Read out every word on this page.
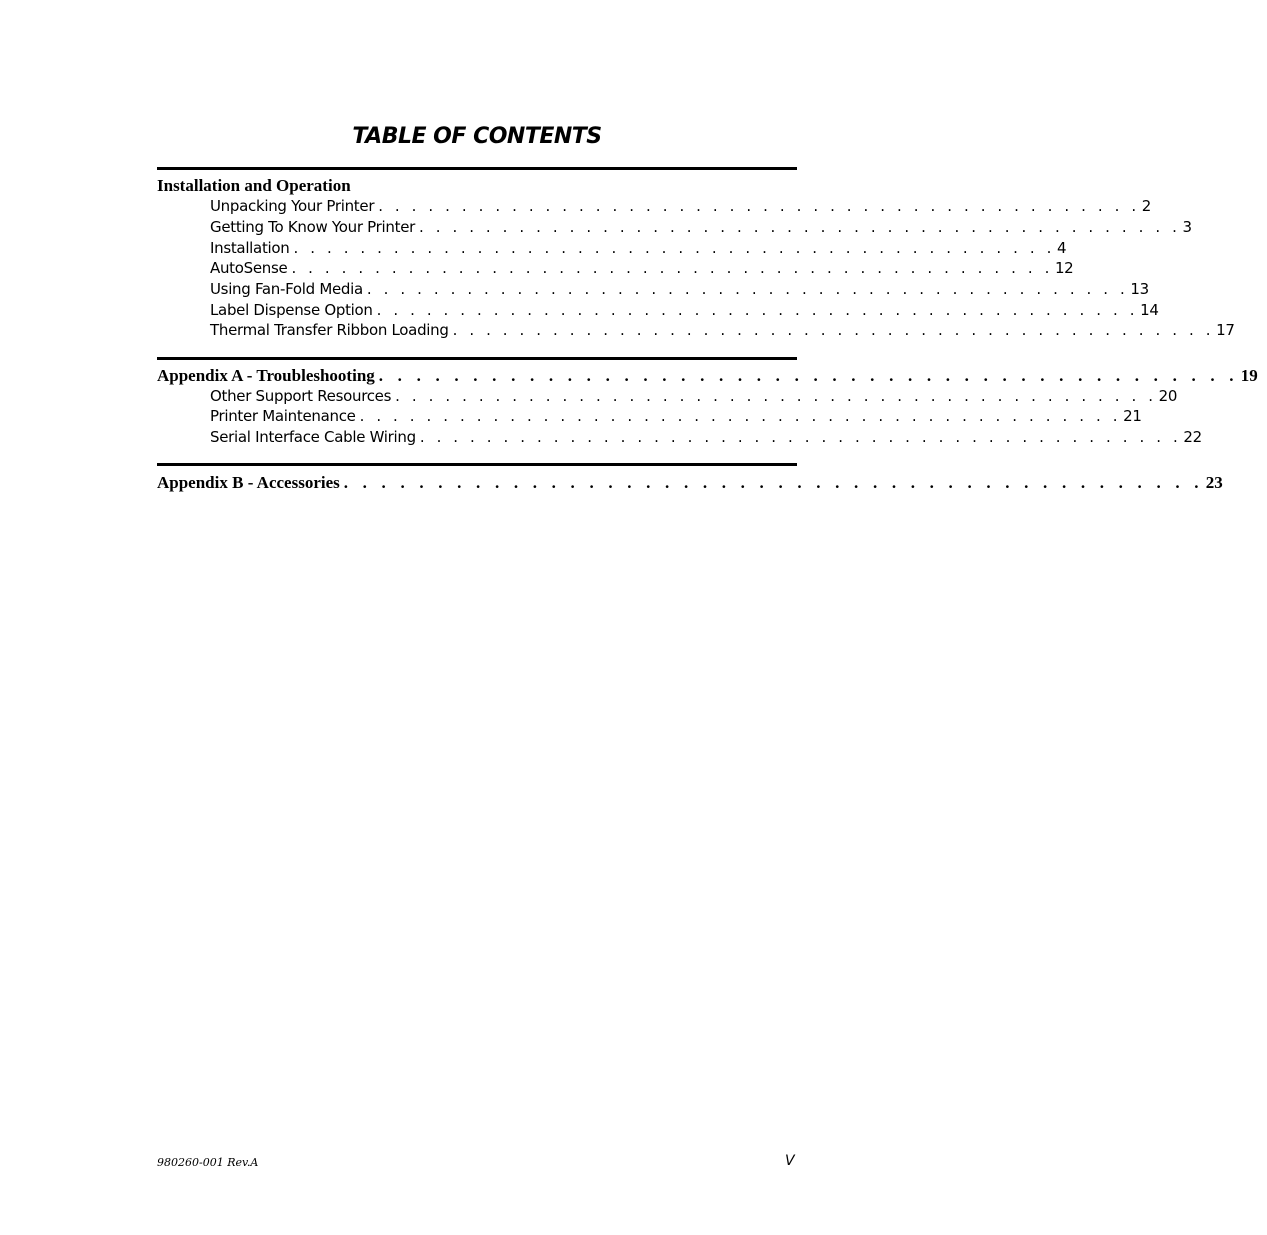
TABLE OF CONTENTS
Installation and Operation
Unpacking Your Printer . . . . . . . . . . . . . . . . . . . . . . . . . . . . . . . . . . . . . . . . . . . . . . 2
Getting To Know Your Printer . . . . . . . . . . . . . . . . . . . . . . . . . . . . . . . . . . . . . . . . . . . . . . 3
Installation . . . . . . . . . . . . . . . . . . . . . . . . . . . . . . . . . . . . . . . . . . . . . . 4
AutoSense . . . . . . . . . . . . . . . . . . . . . . . . . . . . . . . . . . . . . . . . . . . . . . 12
Using Fan-Fold Media . . . . . . . . . . . . . . . . . . . . . . . . . . . . . . . . . . . . . . . . . . . . . . 13
Label Dispense Option . . . . . . . . . . . . . . . . . . . . . . . . . . . . . . . . . . . . . . . . . . . . . . 14
Thermal Transfer Ribbon Loading . . . . . . . . . . . . . . . . . . . . . . . . . . . . . . . . . . . . . . . . . . . . . . 17
Appendix A - Troubleshooting . . . . . . . . . . . . . . . . . . . . . . . . . . . . . . . . . . . . . . . . . . . . . . 19
Other Support Resources . . . . . . . . . . . . . . . . . . . . . . . . . . . . . . . . . . . . . . . . . . . . . . 20
Printer Maintenance . . . . . . . . . . . . . . . . . . . . . . . . . . . . . . . . . . . . . . . . . . . . . . 21
Serial Interface Cable Wiring . . . . . . . . . . . . . . . . . . . . . . . . . . . . . . . . . . . . . . . . . . . . . . 22
Appendix B - Accessories . . . . . . . . . . . . . . . . . . . . . . . . . . . . . . . . . . . . . . . . . . . . . . 23
980260-001 Rev.A	V
